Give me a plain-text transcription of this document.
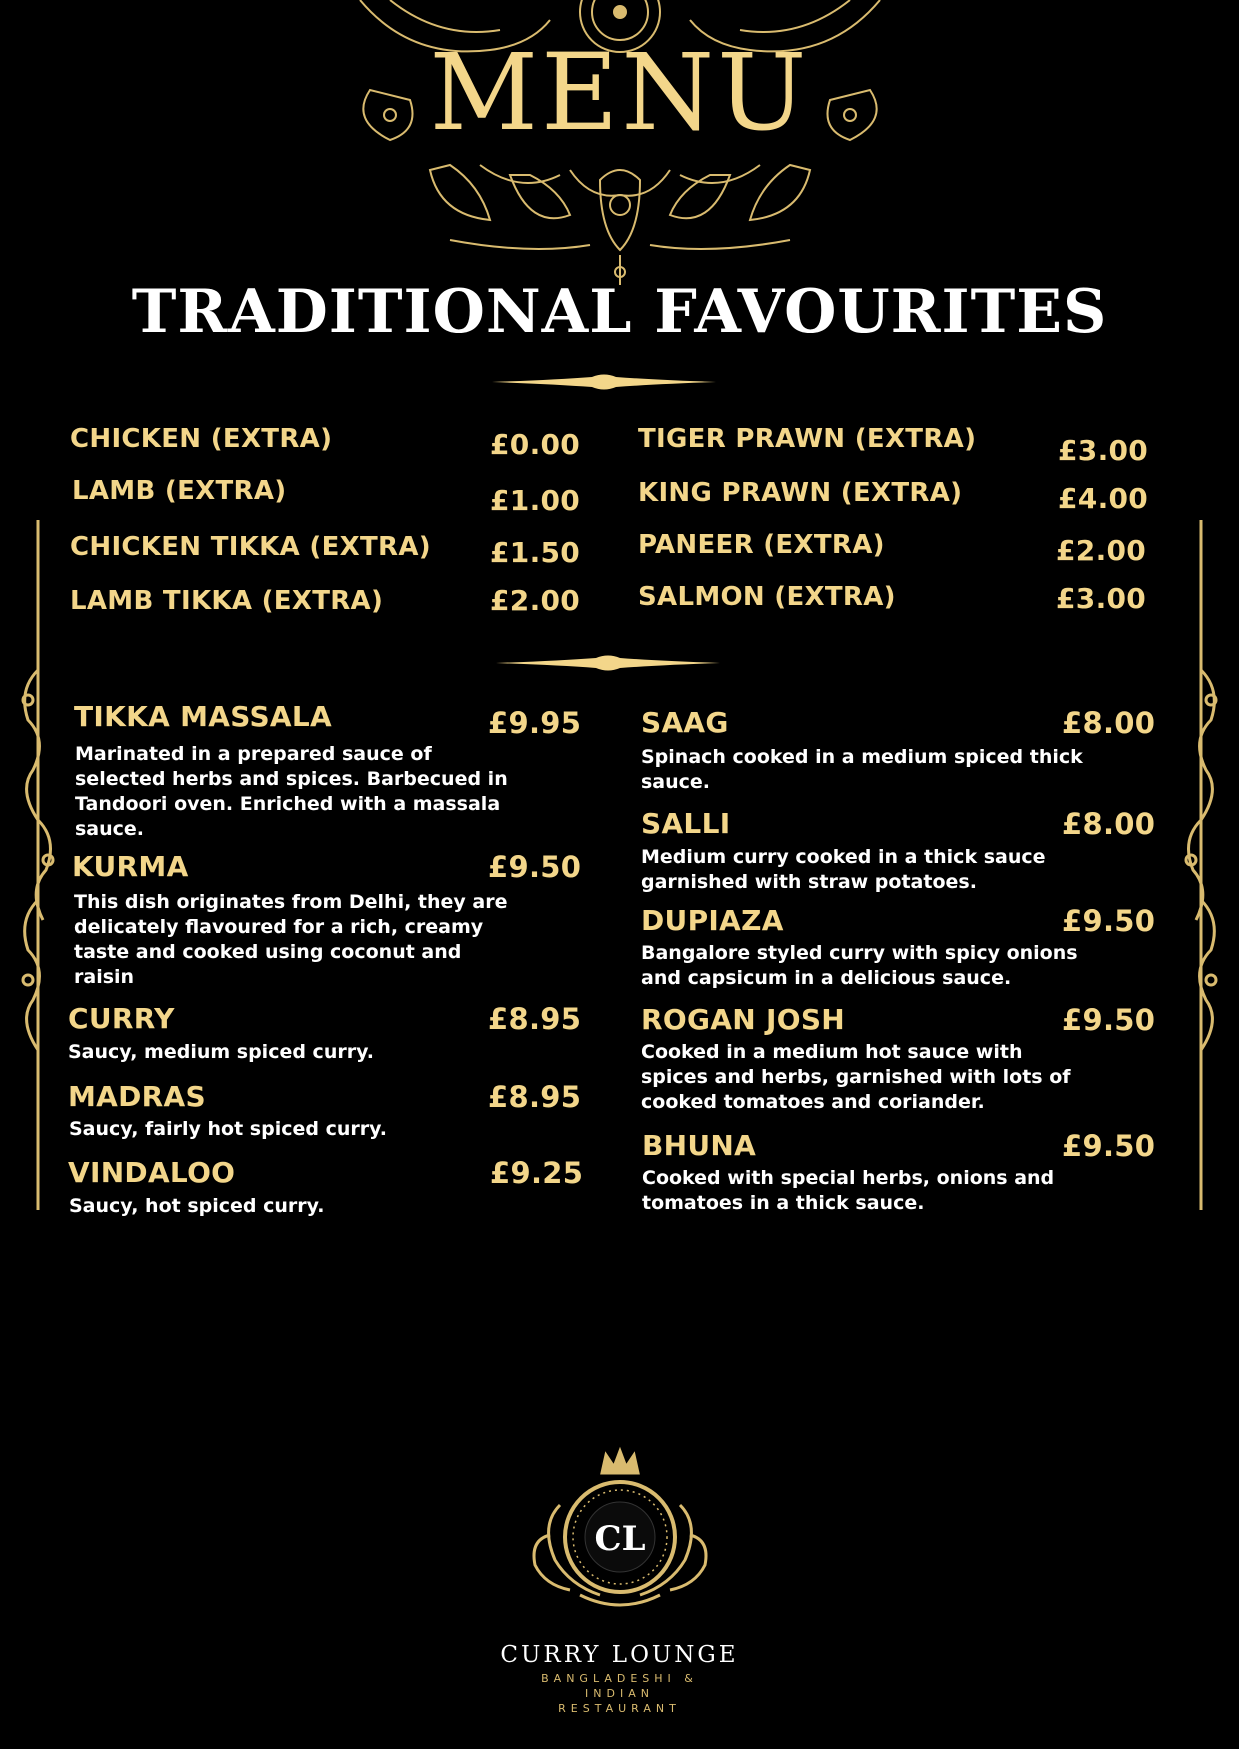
MENU
TRADITIONAL FAVOURITES
CHICKEN (EXTRA)	£0.00
LAMB (EXTRA)	£1.00
CHICKEN TIKKA (EXTRA) £1.50
LAMB TIKKA (EXTRA)	£2.00
TIGER PRAWN (EXTRA)	£3.00
KING PRAWN (EXTRA)	£4.00
PANEER (EXTRA)	£2.00
SALMON (EXTRA)	£3.00
TIKKA MASSALA	£9.95
Marinated in a prepared sauce of
selected herbs and spices. Barbecued in
Tandoori oven. Enriched with a massala
sauce.
KURMA	£9.50
This dish originates from Delhi, they are
delicately flavoured for a rich, creamy
taste and cooked using coconut and
raisin
CURRY	£8.95
Saucy, medium spiced curry.
MADRAS	£8.95
Saucy, fairly hot spiced curry.
VINDALOO	£9.25
Saucy, hot spiced curry.
SAAG	£8.00
Spinach cooked in a medium spiced thick
sauce.
SALLI	£8.00
Medium curry cooked in a thick sauce
garnished with straw potatoes.
DUPIAZA	£9.50
Bangalore styled curry with spicy onions
and capsicum in a delicious sauce.
ROGAN JOSH	£9.50
Cooked in a medium hot sauce with
spices and herbs, garnished with lots of
cooked tomatoes and coriander.
BHUNA	£9.50
Cooked with special herbs, onions and
tomatoes in a thick sauce.
CL
CURRY LOUNGE
BANGLADESHI &
INDIAN
RESTAURANT
